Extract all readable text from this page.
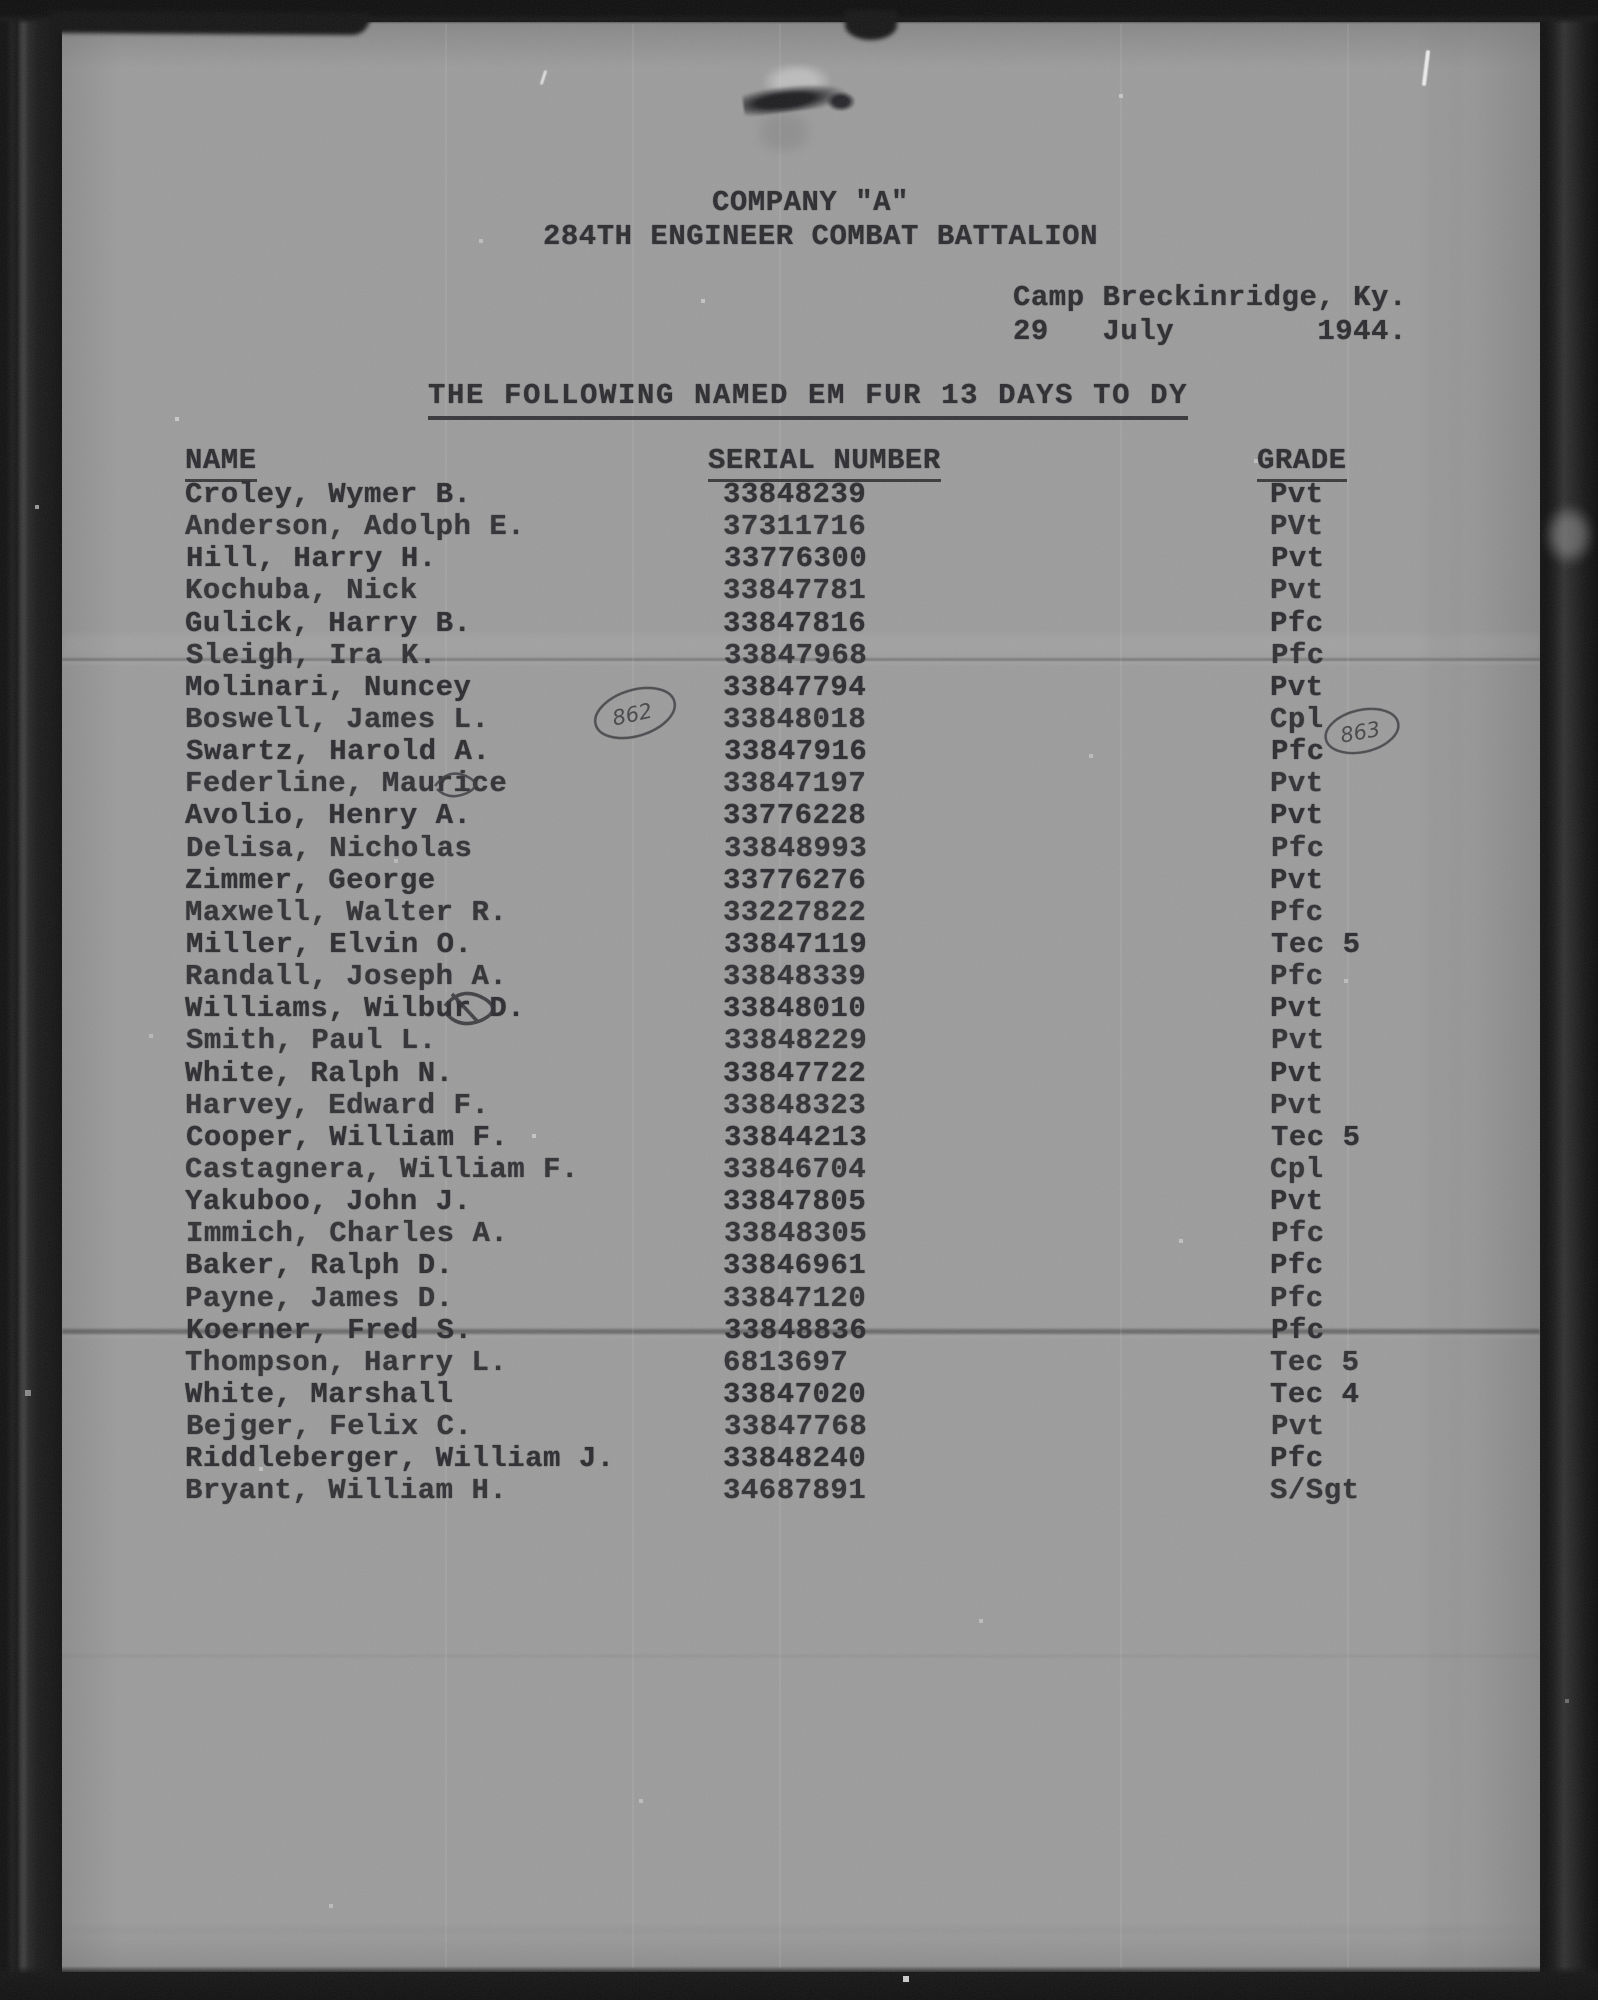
COMPANY "A"
284TH ENGINEER COMBAT BATTALION
Camp Breckinridge, Ky.
29   July        1944.
THE FOLLOWING NAMED EM FUR 13 DAYS TO DY
NAME	SERIAL NUMBER	GRADE
Croley, Wymer B.	33848239	Pvt
Anderson, Adolph E.	37311716	PVt
Hill, Harry H.	33776300	Pvt
Kochuba, Nick	33847781	Pvt
Gulick, Harry B.	33847816	Pfc
Sleigh, Ira K.	33847968	Pfc
Molinari, Nuncey	33847794	Pvt
Boswell, James L.	33848018	Cpl
Swartz, Harold A.	33847916	Pfc
Federline, Maurice	33847197	Pvt
Avolio, Henry A.	33776228	Pvt
Delisa, Nicholas	33848993	Pfc
Zimmer, George	33776276	Pvt
Maxwell, Walter R.	33227822	Pfc
Miller, Elvin O.	33847119	Tec 5
Randall, Joseph A.	33848339	Pfc
Williams, Wilbur D.	33848010	Pvt
Smith, Paul L.	33848229	Pvt
White, Ralph N.	33847722	Pvt
Harvey, Edward F.	33848323	Pvt
Cooper, William F.	33844213	Tec 5
Castagnera, William F.	33846704	Cpl
Yakuboo, John J.	33847805	Pvt
Immich, Charles A.	33848305	Pfc
Baker, Ralph D.	33846961	Pfc
Payne, James D.	33847120	Pfc
Koerner, Fred S.	33848836	Pfc
Thompson, Harry L.	6813697	Tec 5
White, Marshall	33847020	Tec 4
Bejger, Felix C.	33847768	Pvt
Riddleberger, William J.	33848240	Pfc
Bryant, William H.	34687891	S/Sgt
862
863
